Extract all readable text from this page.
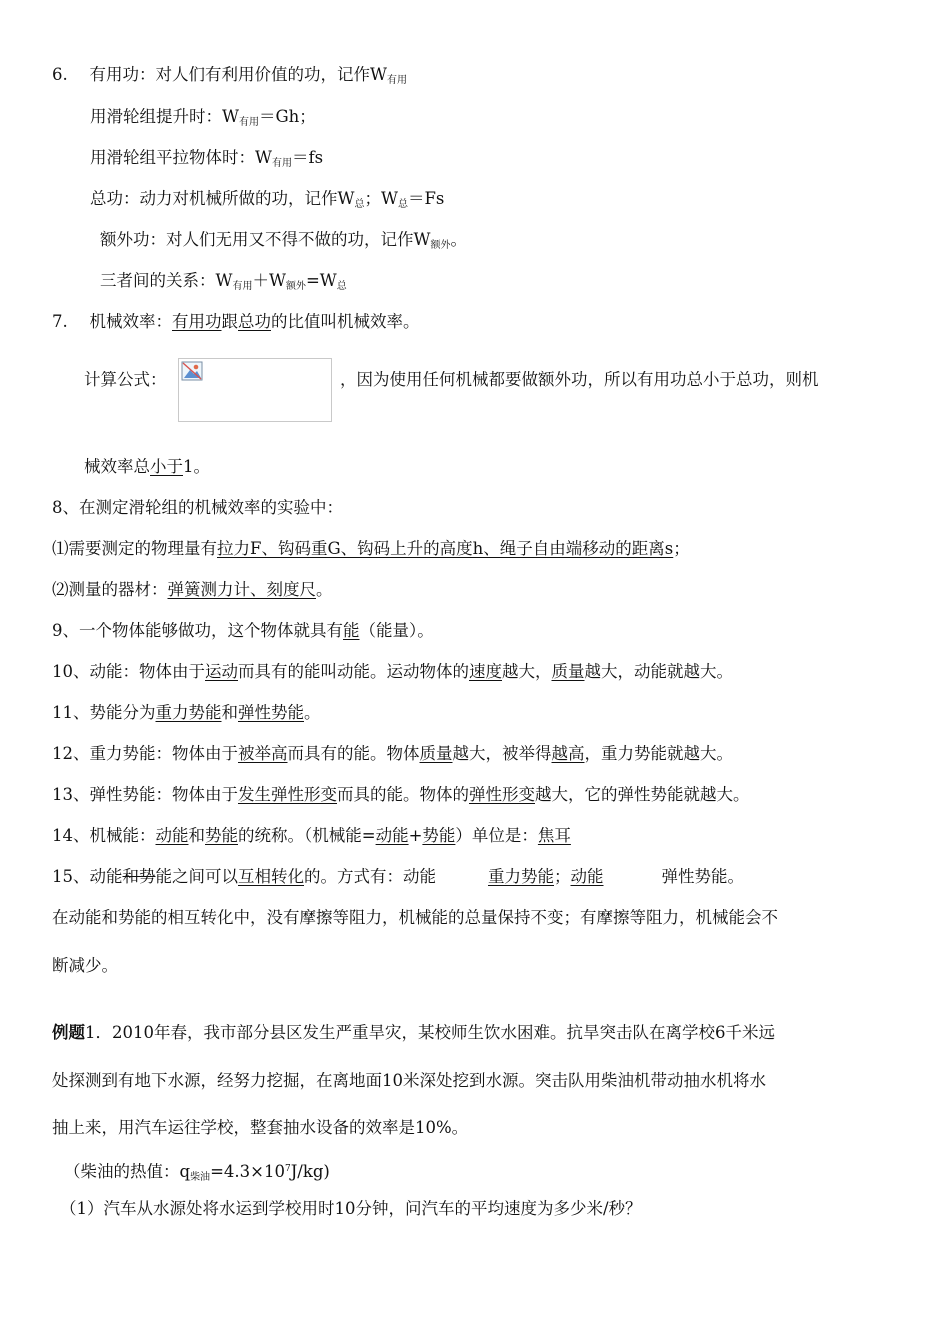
6.　 有用功：对人们有利用价值的功，记作$W_{有用}$
用滑轮组提升时：$W_{有用}=Gh$；
用滑轮组平拉物体时：$W_{有用}=fs$
总功：动力对机械所做的功，记作$W_总$；$W_总=Fs$
额外功：对人们无用又不得不做的功，记作$W_{额外}$。
三者间的关系：$W_{有用}+W_{额外}=W_总$
7.　 机械效率：有用功跟总功的比值叫机械效率。
计算公式：	，因为使用任何机械都要做额外功，所以有用功总小于总功，则机
械效率总小于1。
8、在测定滑轮组的机械效率的实验中：
⑴需要测定的物理量有拉力F、钩码重G、钩码上升的高度h、绳子自由端移动的距离s；
⑵测量的器材：弹簧测力计、刻度尺。
9、一个物体能够做功，这个物体就具有能（能量）。
10、动能：物体由于运动而具有的能叫动能。运动物体的速度越大，质量越大，动能就越大。
11、势能分为重力势能和弹性势能。
12、重力势能：物体由于被举高而具有的能。物体质量越大，被举得越高，重力势能就越大。
13、弹性势能：物体由于发生弹性形变而具的能。物体的弹性形变越大，它的弹性势能就越大。
14、机械能：动能和势能的统称。（机械能=动能+势能）单位是：焦耳
15、动能和势能之间可以互相转化的。方式有：动能	重力势能；动能	弹性势能。
在动能和势能的相互转化中，没有摩擦等阻力，机械能的总量保持不变；有摩擦等阻力，机械能会不
断减少。
例题1．2010年春，我市部分县区发生严重旱灾，某校师生饮水困难。抗旱突击队在离学校6千米远
处探测到有地下水源，经努力挖掘，在离地面10米深处挖到水源。突击队用柴油机带动抽水机将水
抽上来，用汽车运往学校，整套抽水设备的效率是10%。
（柴油的热值：$q_{柴油}=4.3\times 10^7J/kg$)
（1）汽车从水源处将水运到学校用时10分钟，问汽车的平均速度为多少米/秒？
